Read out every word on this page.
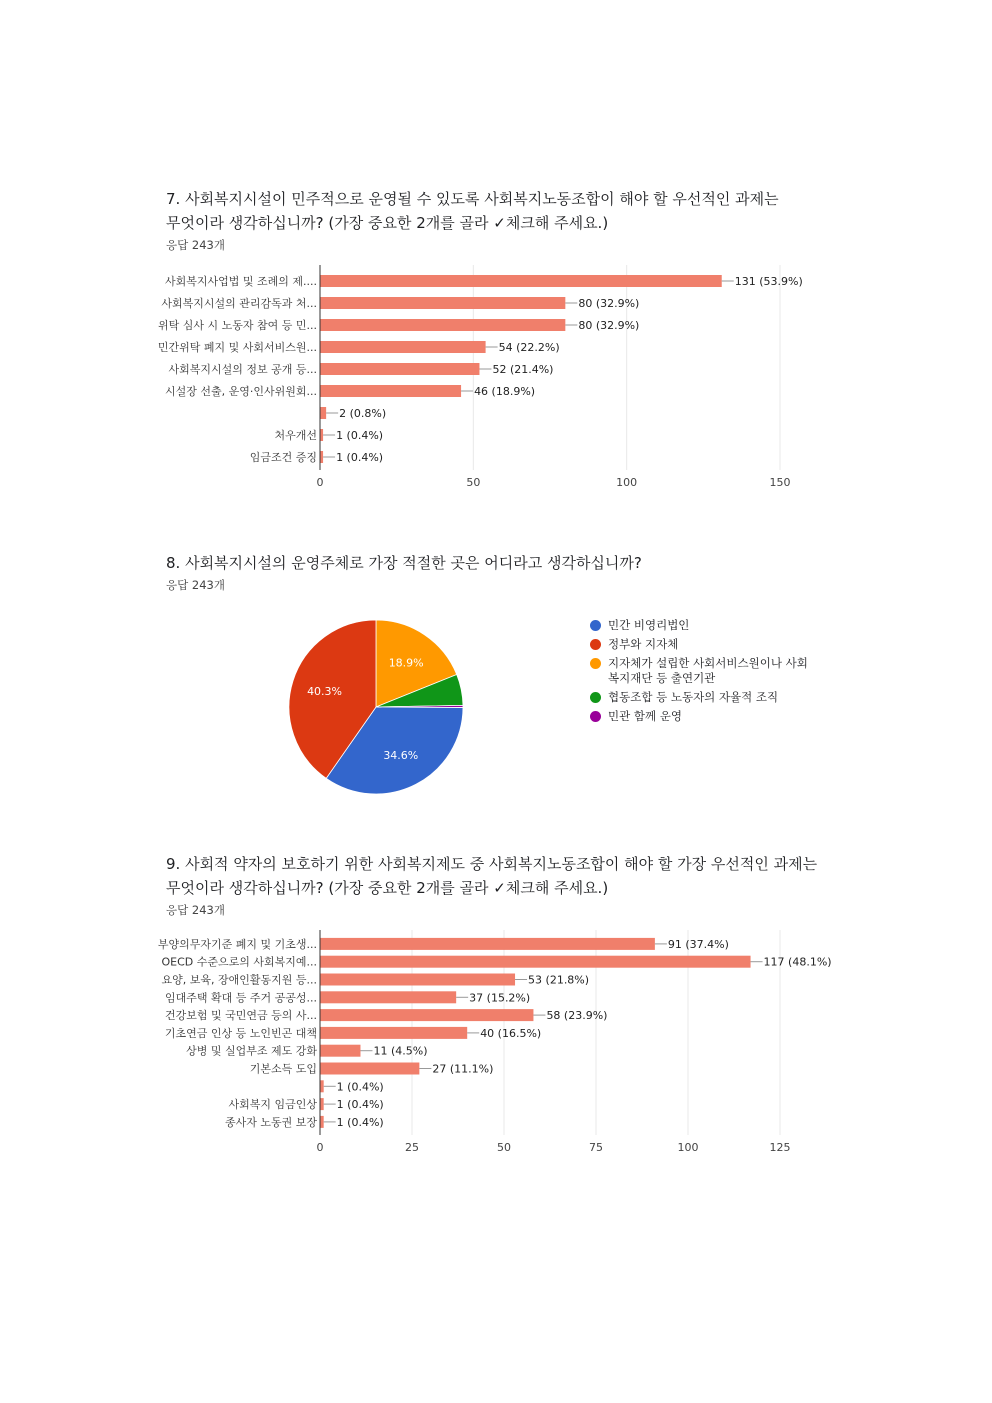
7. 사회복지시설이 민주적으로 운영될 수 있도록 사회복지노동조합이 해야 할 우선적인 과제는

무엇이라 생각하십니까? (가장 중요한 2개를 골라 ✓체크해 주세요.)

응답 243개
0	50	100	150
사회복지사업법 및 조례의 제....	131 (53.9%)
사회복지시설의 관리감독과 처...	80 (32.9%)
위탁 심사 시 노동자 참여 등 민...	80 (32.9%)
민간위탁 폐지 및 사회서비스원...	54 (22.2%)
사회복지시설의 정보 공개 등...	52 (21.4%)
시설장 선출, 운영·인사위원회...	46 (18.9%)
2 (0.8%)
처우개선 1 (0.4%)
임금조건 증징 1 (0.4%)

8. 사회복지시설의 운영주체로 가장 적절한 곳은 어디라고 생각하십니까?

응답 243개
18.9%
34.6%
40.3%
민간 비영리법인
정부와 지자체
지자체가 설립한 사회서비스원이나 사회
복지재단 등 출연기관
협동조합 등 노동자의 자율적 조직
민관 함께 운영

9. 사회적 약자의 보호하기 위한 사회복지제도 중 사회복지노동조합이 해야 할 가장 우선적인 과제는

무엇이라 생각하십니까? (가장 중요한 2개를 골라 ✓체크해 주세요.)

응답 243개
0	25	50	75	100	125
부양의무자기준 폐지 및 기초생...	91 (37.4%)
OECD 수준으로의 사회복지예...	117 (48.1%)
요양, 보육, 장애인활동지원 등...	53 (21.8%)
임대주택 확대 등 주거 공공성...	37 (15.2%)
건강보험 및 국민연금 등의 사...	58 (23.9%)
기초연금 인상 등 노인빈곤 대책	40 (16.5%)
상병 및 실업부조 제도 강화	11 (4.5%)
기본소득 도입	27 (11.1%)
1 (0.4%)
사회복지 임금인상 1 (0.4%)
종사자 노동권 보장 1 (0.4%)
